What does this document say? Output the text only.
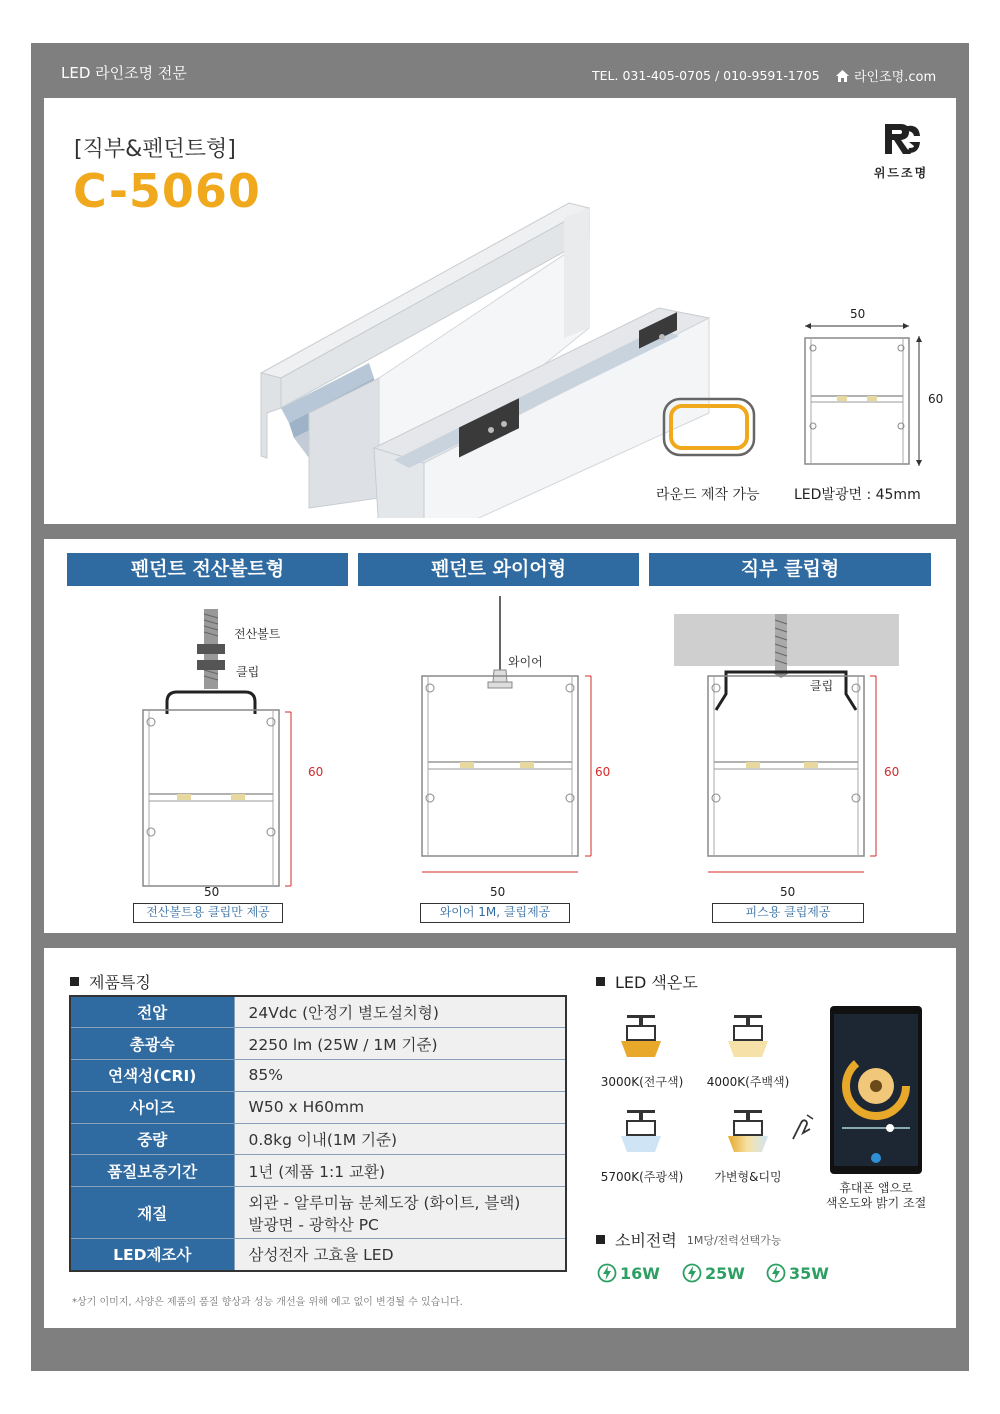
LED 라인조명 전문	TEL. 031-405-0705 / 010-9591-1705	라인조명.com
[직부&펜던트형]
C-5060	위드조명
라운드 제작 가능
50
60
LED발광면 : 45mm
펜던트 전산볼트형	펜던트 와이어형	직부 클립형
전산볼트
클립
60
50
전산볼트용 클립만 제공
와이어
60
50
와이어 1M, 클립제공
클립
60
50
피스용 클립제공
제품특징
전압	24Vdc (안정기 별도설치형)
총광속	2250 lm (25W / 1M 기준)
연색성(CRI)	85%
사이즈	W50 x H60mm
중량	0.8kg 이내(1M 기준)
품질보증기간	1년 (제품 1:1 교환)
재질	외관 - 알루미늄 분체도장 (화이트, 블랙)
발광면 - 광학산 PC

LED제조사	삼성전자 고효율 LED
*상기 이미지, 사양은 제품의 품질 향상과 성능 개선을 위해 예고 없이 변경될 수 있습니다.
LED 색온도
3000K(전구색)	4000K(주백색)
5700K(주광색)	가변형&디밍
휴대폰 앱으로
색온도와 밝기 조절
소비전력 1M당/전력선택가능
16W	25W	35W
